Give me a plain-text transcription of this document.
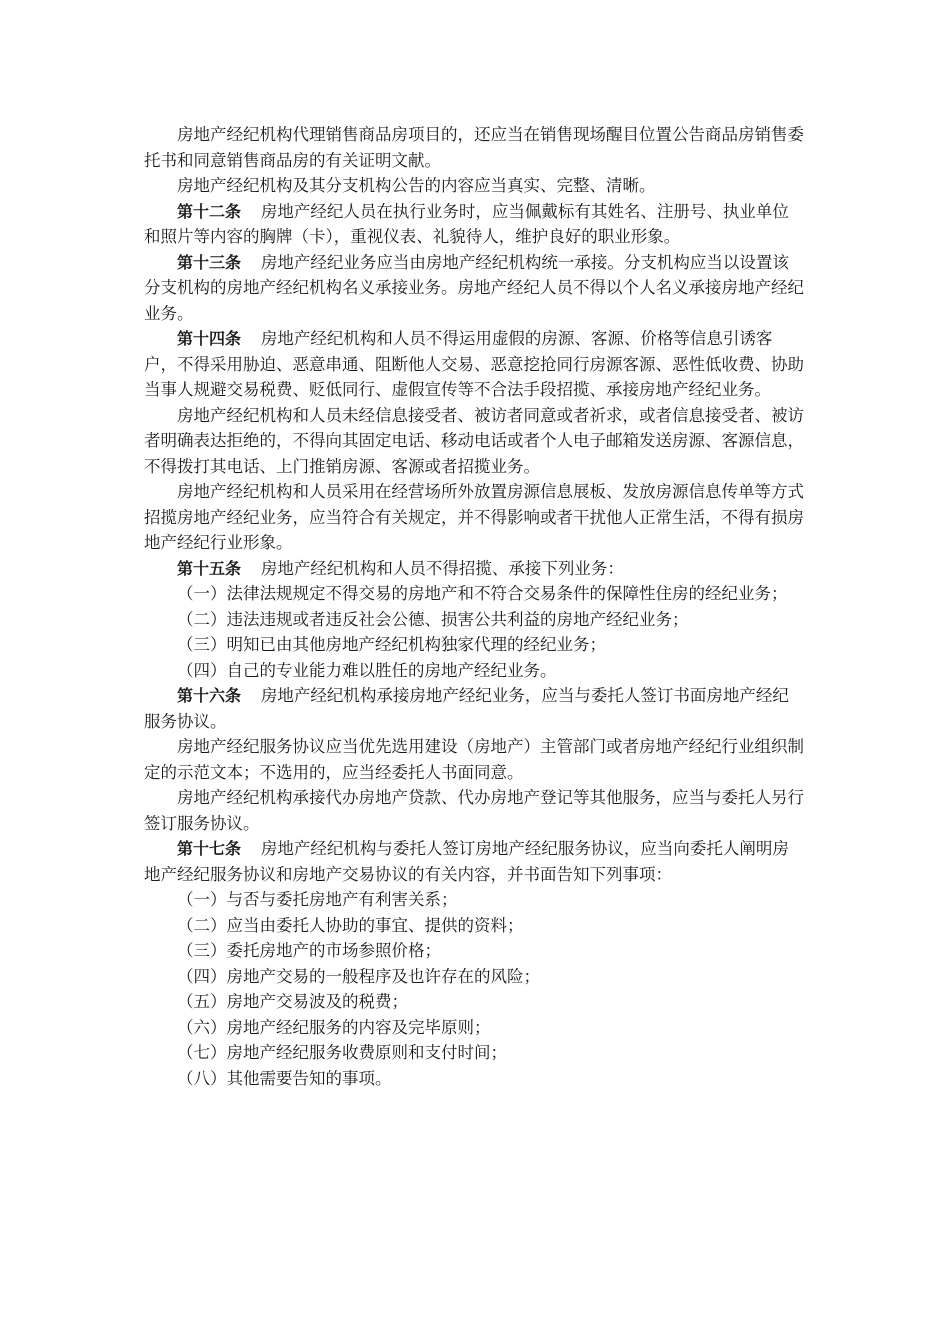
房地产经纪机构代理销售商品房项目的，还应当在销售现场醒目位置公告商品房销售委托书和同意销售商品房的有关证明文献。

房地产经纪机构及其分支机构公告的内容应当真实、完整、清晰。

第十二条 房地产经纪人员在执行业务时，应当佩戴标有其姓名、注册号、执业单位和照片等内容的胸牌（卡），重视仪表、礼貌待人，维护良好的职业形象。

第十三条 房地产经纪业务应当由房地产经纪机构统一承接。分支机构应当以设置该分支机构的房地产经纪机构名义承接业务。房地产经纪人员不得以个人名义承接房地产经纪业务。

第十四条 房地产经纪机构和人员不得运用虚假的房源、客源、价格等信息引诱客户，不得采用胁迫、恶意串通、阻断他人交易、恶意挖抢同行房源客源、恶性低收费、协助当事人规避交易税费、贬低同行、虚假宣传等不合法手段招揽、承接房地产经纪业务。

房地产经纪机构和人员未经信息接受者、被访者同意或者祈求，或者信息接受者、被访者明确表达拒绝的，不得向其固定电话、移动电话或者个人电子邮箱发送房源、客源信息，不得拨打其电话、上门推销房源、客源或者招揽业务。

房地产经纪机构和人员采用在经营场所外放置房源信息展板、发放房源信息传单等方式招揽房地产经纪业务，应当符合有关规定，并不得影响或者干扰他人正常生活，不得有损房地产经纪行业形象。

第十五条 房地产经纪机构和人员不得招揽、承接下列业务：

（一）法律法规规定不得交易的房地产和不符合交易条件的保障性住房的经纪业务；

（二）违法违规或者违反社会公德、损害公共利益的房地产经纪业务；

（三）明知已由其他房地产经纪机构独家代理的经纪业务；

（四）自己的专业能力难以胜任的房地产经纪业务。

第十六条 房地产经纪机构承接房地产经纪业务，应当与委托人签订书面房地产经纪服务协议。

房地产经纪服务协议应当优先选用建设（房地产）主管部门或者房地产经纪行业组织制定的示范文本；不选用的，应当经委托人书面同意。

房地产经纪机构承接代办房地产贷款、代办房地产登记等其他服务，应当与委托人另行签订服务协议。

第十七条 房地产经纪机构与委托人签订房地产经纪服务协议，应当向委托人阐明房地产经纪服务协议和房地产交易协议的有关内容，并书面告知下列事项：

（一）与否与委托房地产有利害关系；

（二）应当由委托人协助的事宜、提供的资料；

（三）委托房地产的市场参照价格；

（四）房地产交易的一般程序及也许存在的风险；

（五）房地产交易波及的税费；

（六）房地产经纪服务的内容及完毕原则；

（七）房地产经纪服务收费原则和支付时间；

（八）其他需要告知的事项。
